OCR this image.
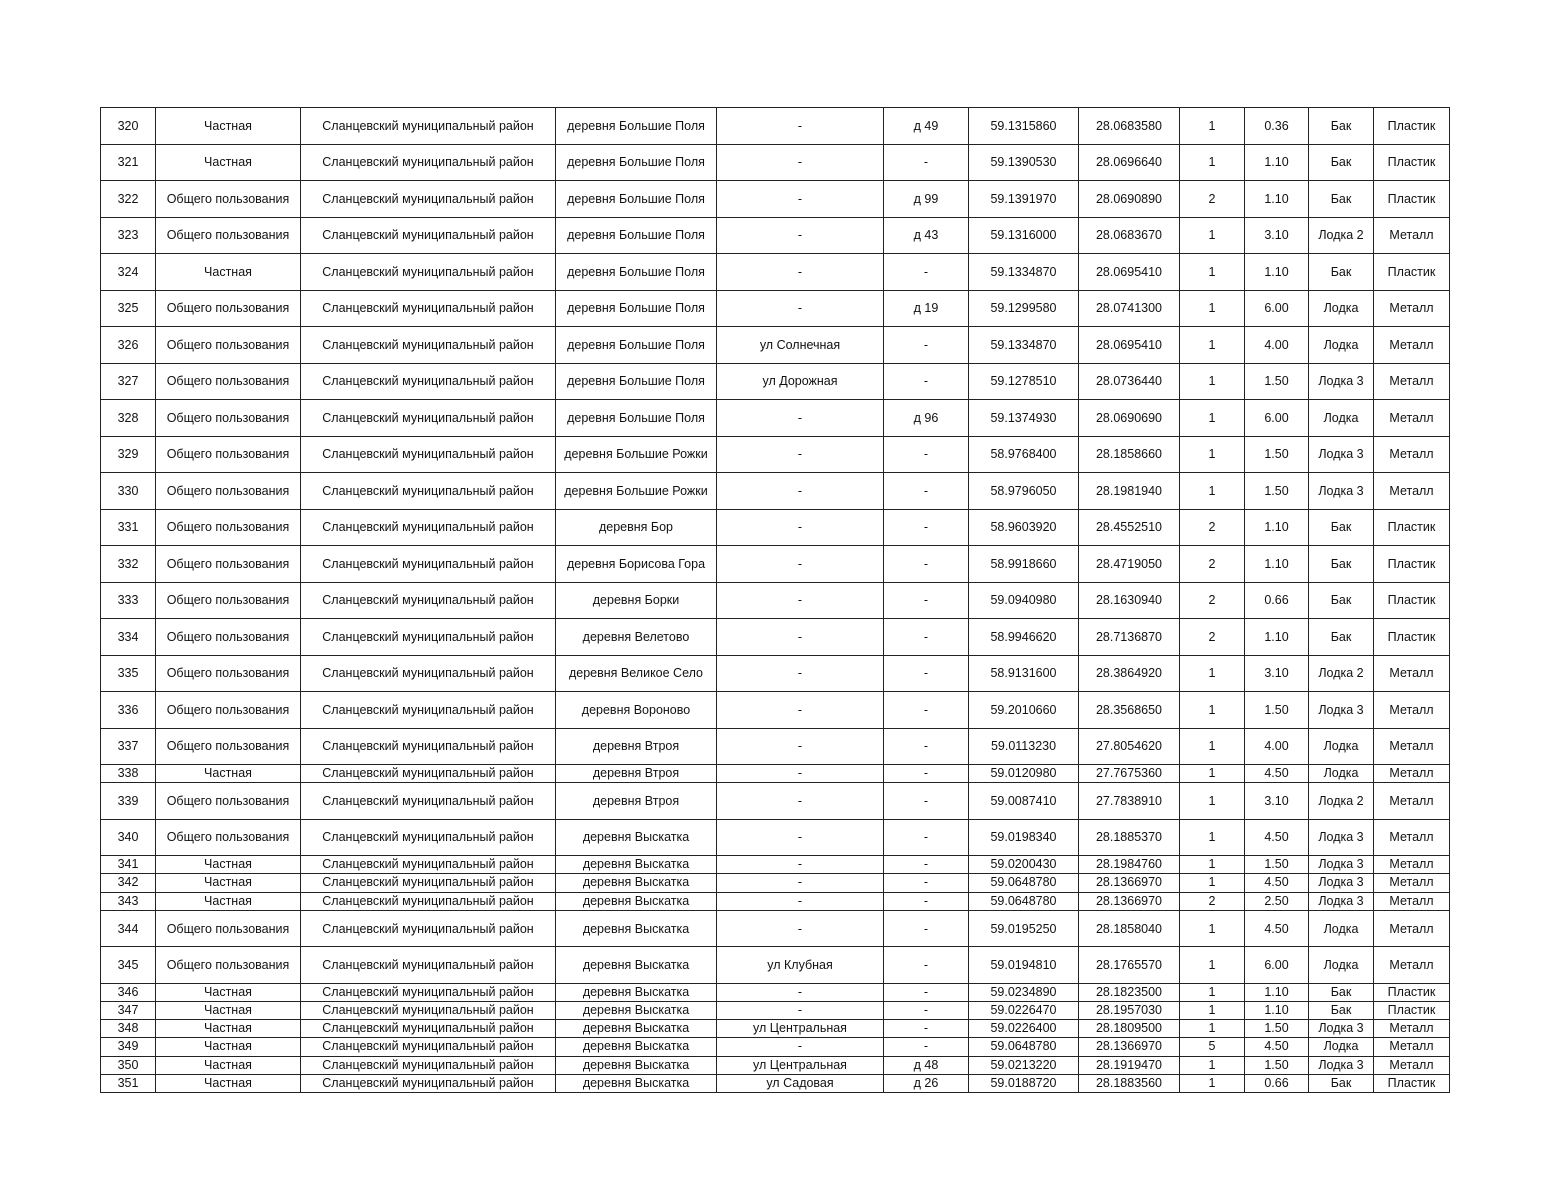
320	Частная	Сланцевский муниципальный район	деревня Большие Поля	-	д 49	59.1315860	28.0683580	1	0.36	Бак	Пластик
321	Частная	Сланцевский муниципальный район	деревня Большие Поля	-	-	59.1390530	28.0696640	1	1.10	Бак	Пластик
322	Общего пользования	Сланцевский муниципальный район	деревня Большие Поля	-	д 99	59.1391970	28.0690890	2	1.10	Бак	Пластик
323	Общего пользования	Сланцевский муниципальный район	деревня Большие Поля	-	д 43	59.1316000	28.0683670	1	3.10	Лодка 2	Металл
324	Частная	Сланцевский муниципальный район	деревня Большие Поля	-	-	59.1334870	28.0695410	1	1.10	Бак	Пластик
325	Общего пользования	Сланцевский муниципальный район	деревня Большие Поля	-	д 19	59.1299580	28.0741300	1	6.00	Лодка	Металл
326	Общего пользования	Сланцевский муниципальный район	деревня Большие Поля	ул Солнечная	-	59.1334870	28.0695410	1	4.00	Лодка	Металл
327	Общего пользования	Сланцевский муниципальный район	деревня Большие Поля	ул Дорожная	-	59.1278510	28.0736440	1	1.50	Лодка 3	Металл
328	Общего пользования	Сланцевский муниципальный район	деревня Большие Поля	-	д 96	59.1374930	28.0690690	1	6.00	Лодка	Металл
329	Общего пользования	Сланцевский муниципальный район	деревня Большие Рожки	-	-	58.9768400	28.1858660	1	1.50	Лодка 3	Металл
330	Общего пользования	Сланцевский муниципальный район	деревня Большие Рожки	-	-	58.9796050	28.1981940	1	1.50	Лодка 3	Металл
331	Общего пользования	Сланцевский муниципальный район	деревня Бор	-	-	58.9603920	28.4552510	2	1.10	Бак	Пластик
332	Общего пользования	Сланцевский муниципальный район	деревня Борисова Гора	-	-	58.9918660	28.4719050	2	1.10	Бак	Пластик
333	Общего пользования	Сланцевский муниципальный район	деревня Борки	-	-	59.0940980	28.1630940	2	0.66	Бак	Пластик
334	Общего пользования	Сланцевский муниципальный район	деревня Велетово	-	-	58.9946620	28.7136870	2	1.10	Бак	Пластик
335	Общего пользования	Сланцевский муниципальный район	деревня Великое Село	-	-	58.9131600	28.3864920	1	3.10	Лодка 2	Металл
336	Общего пользования	Сланцевский муниципальный район	деревня Вороново	-	-	59.2010660	28.3568650	1	1.50	Лодка 3	Металл
337	Общего пользования	Сланцевский муниципальный район	деревня Втроя	-	-	59.0113230	27.8054620	1	4.00	Лодка	Металл
338	Частная	Сланцевский муниципальный район	деревня Втроя	-	-	59.0120980	27.7675360	1	4.50	Лодка	Металл
339	Общего пользования	Сланцевский муниципальный район	деревня Втроя	-	-	59.0087410	27.7838910	1	3.10	Лодка 2	Металл
340	Общего пользования	Сланцевский муниципальный район	деревня Выскатка	-	-	59.0198340	28.1885370	1	4.50	Лодка 3	Металл
341	Частная	Сланцевский муниципальный район	деревня Выскатка	-	-	59.0200430	28.1984760	1	1.50	Лодка 3	Металл
342	Частная	Сланцевский муниципальный район	деревня Выскатка	-	-	59.0648780	28.1366970	1	4.50	Лодка 3	Металл
343	Частная	Сланцевский муниципальный район	деревня Выскатка	-	-	59.0648780	28.1366970	2	2.50	Лодка 3	Металл
344	Общего пользования	Сланцевский муниципальный район	деревня Выскатка	-	-	59.0195250	28.1858040	1	4.50	Лодка	Металл
345	Общего пользования	Сланцевский муниципальный район	деревня Выскатка	ул Клубная	-	59.0194810	28.1765570	1	6.00	Лодка	Металл
346	Частная	Сланцевский муниципальный район	деревня Выскатка	-	-	59.0234890	28.1823500	1	1.10	Бак	Пластик
347	Частная	Сланцевский муниципальный район	деревня Выскатка	-	-	59.0226470	28.1957030	1	1.10	Бак	Пластик
348	Частная	Сланцевский муниципальный район	деревня Выскатка	ул Центральная	-	59.0226400	28.1809500	1	1.50	Лодка 3	Металл
349	Частная	Сланцевский муниципальный район	деревня Выскатка	-	-	59.0648780	28.1366970	5	4.50	Лодка	Металл
350	Частная	Сланцевский муниципальный район	деревня Выскатка	ул Центральная	д 48	59.0213220	28.1919470	1	1.50	Лодка 3	Металл
351	Частная	Сланцевский муниципальный район	деревня Выскатка	ул Садовая	д 26	59.0188720	28.1883560	1	0.66	Бак	Пластик
